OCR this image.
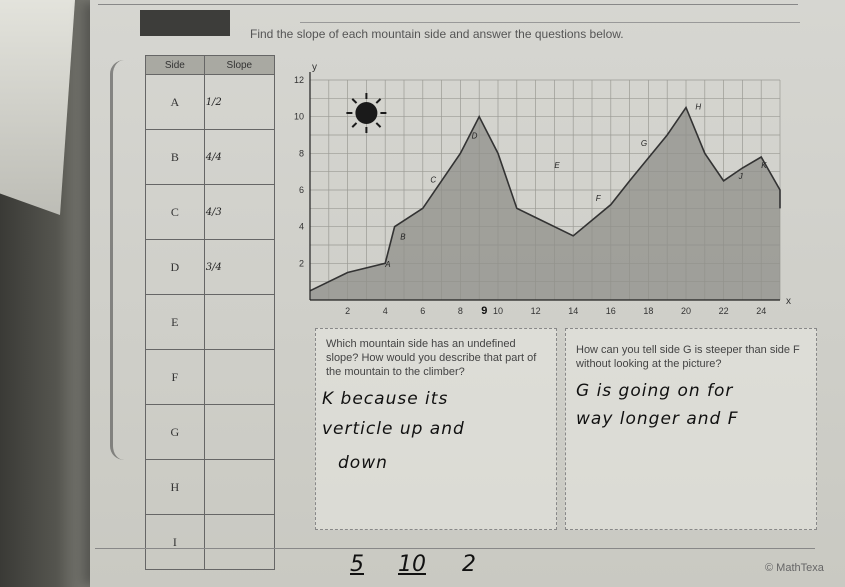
Find the slope of each mountain side and answer the questions below.
Side	Slope
A	1/2
B	4/4
C	4/3
D	3/4
E	
F	
G	
H	
I	
y
x
2	4	6	8	10	12	14	16	18	20	22	24
2
4
6
8
10
12
A
B
C
D
E
F
G
H
J
K
9
Which mountain side has an undefined slope? How would you describe that part of the mountain to the climber?
K because its
verticle up and
down
How can you tell side G is steeper than side F without looking at the picture?
G is going on for
way longer and F
5 10 2	© MathTexa
